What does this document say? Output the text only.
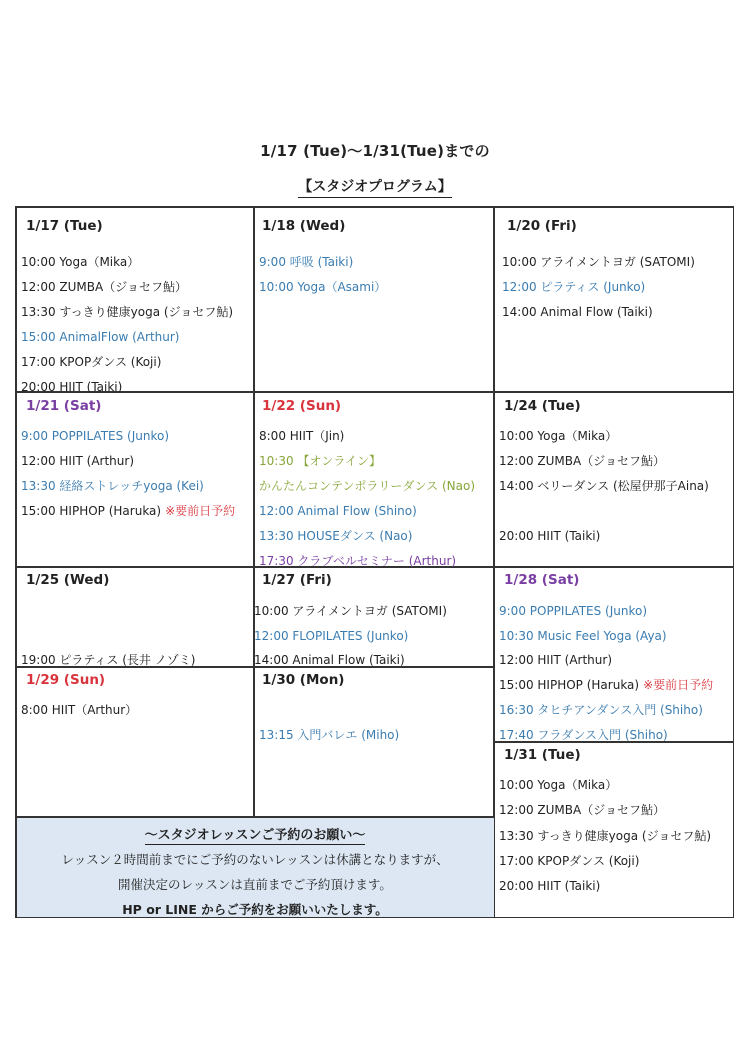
1/17 (Tue)〜1/31(Tue)までの
【スタジオプログラム】
〜スタジオレッスンご予約のお願い〜
レッスン２時間前までにご予約のないレッスンは休講となりますが、
開催決定のレッスンは直前までご予約頂けます。
HP or LINE からご予約をお願いいたします。
1/17 (Tue)
10:00 Yoga（Mika）
12:00 ZUMBA（ジョセフ鮎）
13:30 すっきり健康yoga (ジョセフ鮎)
15:00 AnimalFlow (Arthur)
17:00 KPOPダンス (Koji)
20:00 HIIT (Taiki)
1/18 (Wed)
9:00 呼吸 (Taiki)
10:00 Yoga（Asami）
1/20 (Fri)
10:00 アライメントヨガ (SATOMI)
12:00 ピラティス (Junko)
14:00 Animal Flow (Taiki)
1/21 (Sat)
9:00 POPPILATES (Junko)
12:00 HIIT (Arthur)
13:30 経絡ストレッチyoga (Kei)
15:00 HIPHOP (Haruka) ※要前日予約
1/22 (Sun)
8:00 HIIT（Jin)
10:30 【オンライン】
かんたんコンテンポラリーダンス (Nao)
12:00 Animal Flow (Shino)
13:30 HOUSEダンス (Nao)
17:30 クラブベルセミナー (Arthur)
1/24 (Tue)
10:00 Yoga（Mika）
12:00 ZUMBA（ジョセフ鮎）
14:00 ベリーダンス (松屋伊那子Aina)
20:00 HIIT (Taiki)
1/25 (Wed)
19:00 ピラティス (長井 ノゾミ)
1/27 (Fri)
10:00 アライメントヨガ (SATOMI)
12:00 FLOPILATES (Junko)
14:00 Animal Flow (Taiki)
1/28 (Sat)
9:00 POPPILATES (Junko)
10:30 Music Feel Yoga (Aya)
12:00 HIIT (Arthur)
15:00 HIPHOP (Haruka) ※要前日予約
16:30 タヒチアンダンス入門 (Shiho)
17:40 フラダンス入門 (Shiho)
1/29 (Sun)
8:00 HIIT（Arthur）
1/30 (Mon)
13:15 入門バレエ (Miho)
1/31 (Tue)
10:00 Yoga（Mika）
12:00 ZUMBA（ジョセフ鮎）
13:30 すっきり健康yoga (ジョセフ鮎)
17:00 KPOPダンス (Koji)
20:00 HIIT (Taiki)
